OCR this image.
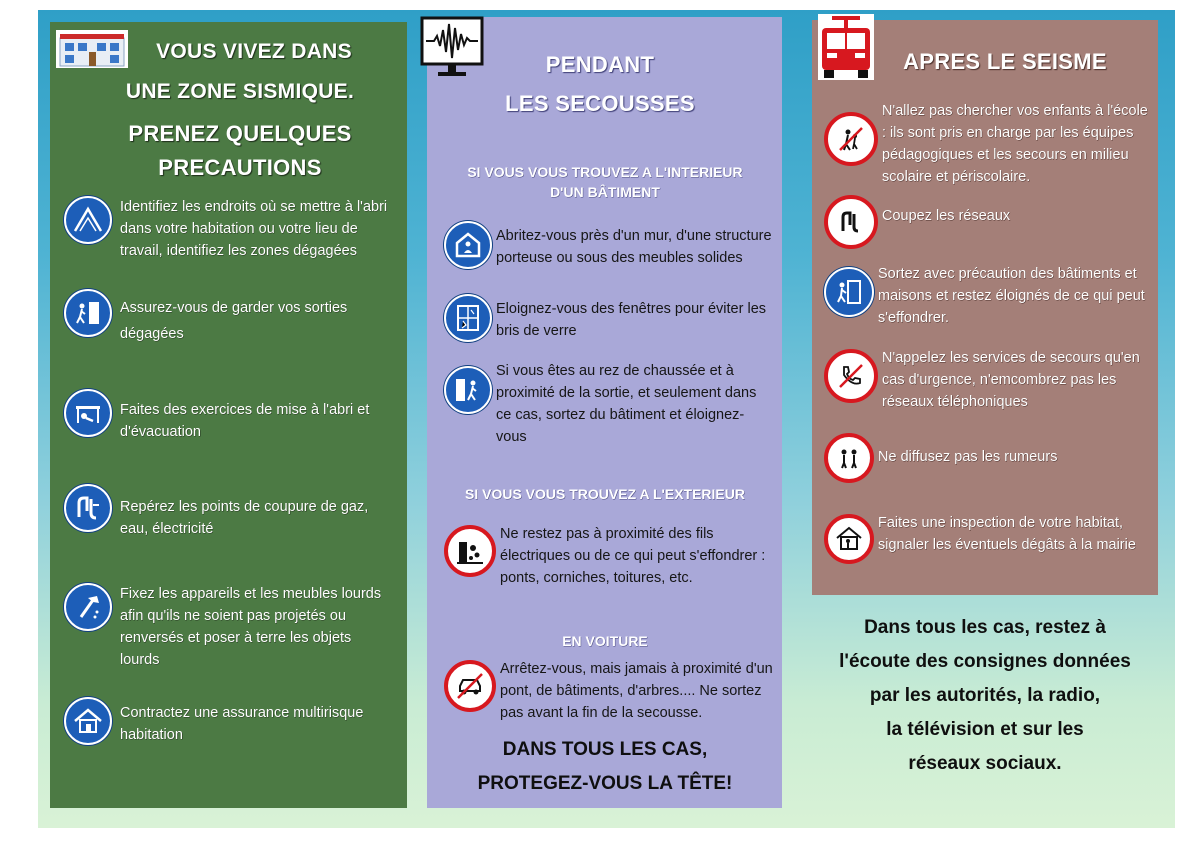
VOUS VIVEZ DANS
UNE ZONE SISMIQUE.
PRENEZ QUELQUES
PRECAUTIONS
Identifiez les endroits où se mettre à l'abri dans votre habitation ou votre lieu de travail, identifiez les zones dégagées
Assurez-vous de garder vos sorties dégagées
Faites des exercices de mise à l'abri et d'évacuation
Repérez les points de coupure de gaz, eau, électricité
Fixez les appareils et les meubles lourds afin qu'ils ne soient pas projetés ou renversés et poser à terre les objets lourds
Contractez une assurance multirisque habitation
PENDANT
LES SECOUSSES
SI VOUS VOUS TROUVEZ A L'INTERIEUR
D'UN BÂTIMENT
Abritez-vous près d'un mur, d'une structure porteuse ou sous des meubles solides
Eloignez-vous des fenêtres pour éviter les bris de verre
Si vous êtes au rez de chaussée et à proximité de la sortie, et seulement dans ce cas, sortez du bâtiment et éloignez-vous
SI VOUS VOUS TROUVEZ A L'EXTERIEUR
Ne restez pas à proximité des fils électriques ou de ce qui peut s'effondrer : ponts, corniches, toitures, etc.
EN VOITURE
Arrêtez-vous, mais jamais à proximité d'un pont, de bâtiments, d'arbres.... Ne sortez pas avant la fin de la secousse.
DANS TOUS LES CAS,
PROTEGEZ-VOUS LA TÊTE!
APRES LE SEISME
N'allez pas chercher vos enfants à l'école : ils sont pris en charge par les équipes pédagogiques et les secours en milieu scolaire et périscolaire.
Coupez les réseaux
Sortez avec précaution des bâtiments et maisons et restez éloignés de ce qui peut s'effondrer.
N'appelez les services de secours qu'en cas d'urgence, n'emcombrez pas les réseaux téléphoniques
Ne diffusez pas les rumeurs
Faites une inspection de votre habitat, signaler les éventuels dégâts à la mairie
Dans tous les cas, restez à
l'écoute des consignes données
par les autorités, la radio,
la télévision et sur les
réseaux sociaux.
